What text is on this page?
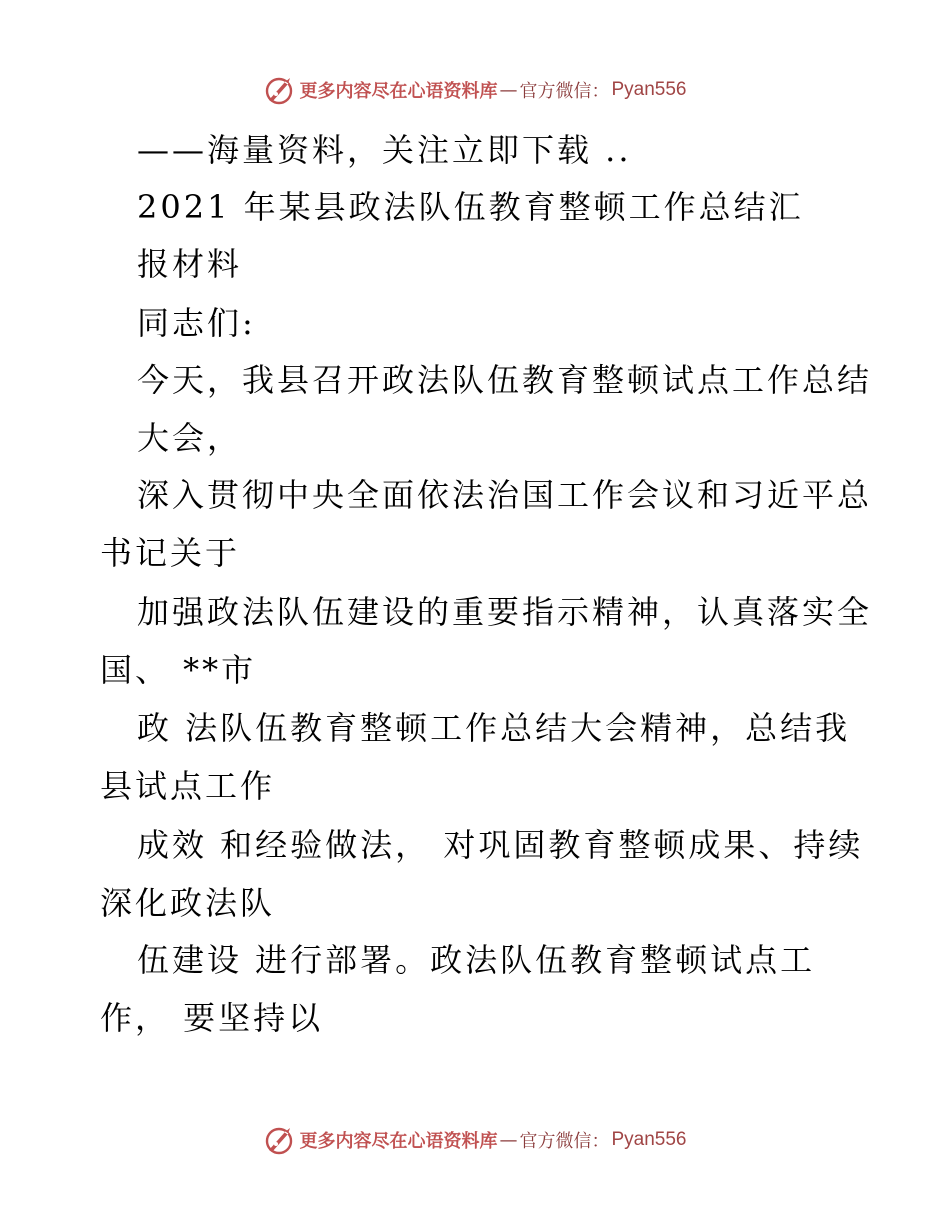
更多内容尽在心语资料库 — 官方微信： Pyan556
——海量资料，关注立即下载 ..
2021 年某县政法队伍教育整顿工作总结汇
报材料
同志们:
今天，我县召开政法队伍教育整顿试点工作总结
大会，
深入贯彻中央全面依法治国工作会议和习近平总
书记关于
加强政法队伍建设的重要指示精神，认真落实全
国、 **市
政 法队伍教育整顿工作总结大会精神，总结我
县试点工作
成效 和经验做法， 对巩固教育整顿成果、持续
深化政法队
伍建设 进行部署。政法队伍教育整顿试点工
作， 要坚持以
更多内容尽在心语资料库 — 官方微信： Pyan556
